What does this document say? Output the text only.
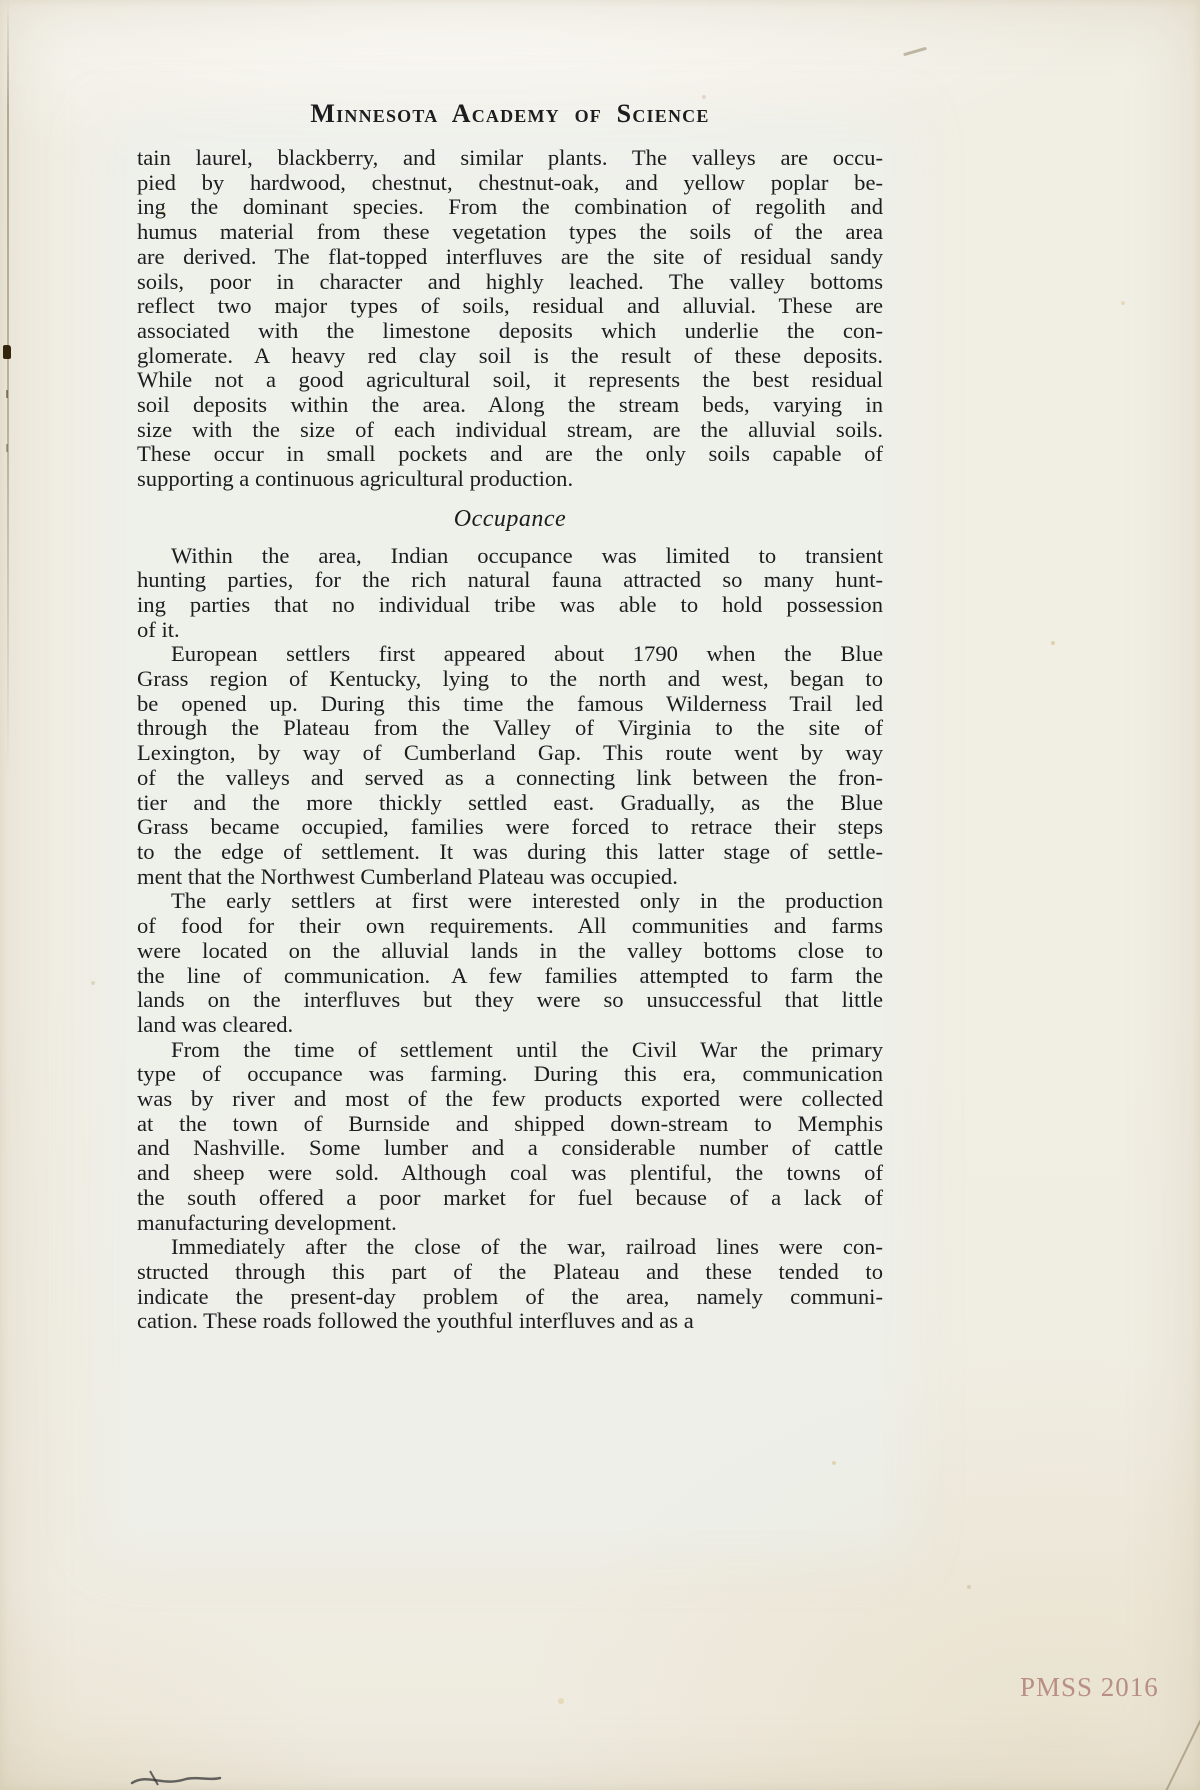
Minnesota Academy of Science
tain laurel, blackberry, and similar plants. The valleys are occu-
pied by hardwood, chestnut, chestnut-oak, and yellow poplar be-
ing the dominant species. From the combination of regolith and
humus material from these vegetation types the soils of the area
are derived. The flat-topped interfluves are the site of residual sandy
soils, poor in character and highly leached. The valley bottoms
reflect two major types of soils, residual and alluvial. These are
associated with the limestone deposits which underlie the con-
glomerate. A heavy red clay soil is the result of these deposits.
While not a good agricultural soil, it represents the best residual
soil deposits within the area. Along the stream beds, varying in
size with the size of each individual stream, are the alluvial soils.
These occur in small pockets and are the only soils capable of
supporting a continuous agricultural production.
Occupance
Within the area, Indian occupance was limited to transient
hunting parties, for the rich natural fauna attracted so many hunt-
ing parties that no individual tribe was able to hold possession
of it.
European settlers first appeared about 1790 when the Blue
Grass region of Kentucky, lying to the north and west, began to
be opened up. During this time the famous Wilderness Trail led
through the Plateau from the Valley of Virginia to the site of
Lexington, by way of Cumberland Gap. This route went by way
of the valleys and served as a connecting link between the fron-
tier and the more thickly settled east. Gradually, as the Blue
Grass became occupied, families were forced to retrace their steps
to the edge of settlement. It was during this latter stage of settle-
ment that the Northwest Cumberland Plateau was occupied.
The early settlers at first were interested only in the production
of food for their own requirements. All communities and farms
were located on the alluvial lands in the valley bottoms close to
the line of communication. A few families attempted to farm the
lands on the interfluves but they were so unsuccessful that little
land was cleared.
From the time of settlement until the Civil War the primary
type of occupance was farming. During this era, communication
was by river and most of the few products exported were collected
at the town of Burnside and shipped down-stream to Memphis
and Nashville. Some lumber and a considerable number of cattle
and sheep were sold. Although coal was plentiful, the towns of
the south offered a poor market for fuel because of a lack of
manufacturing development.
Immediately after the close of the war, railroad lines were con-
structed through this part of the Plateau and these tended to
indicate the present-day problem of the area, namely communi-
cation. These roads followed the youthful interfluves and as a
PMSS 2016
